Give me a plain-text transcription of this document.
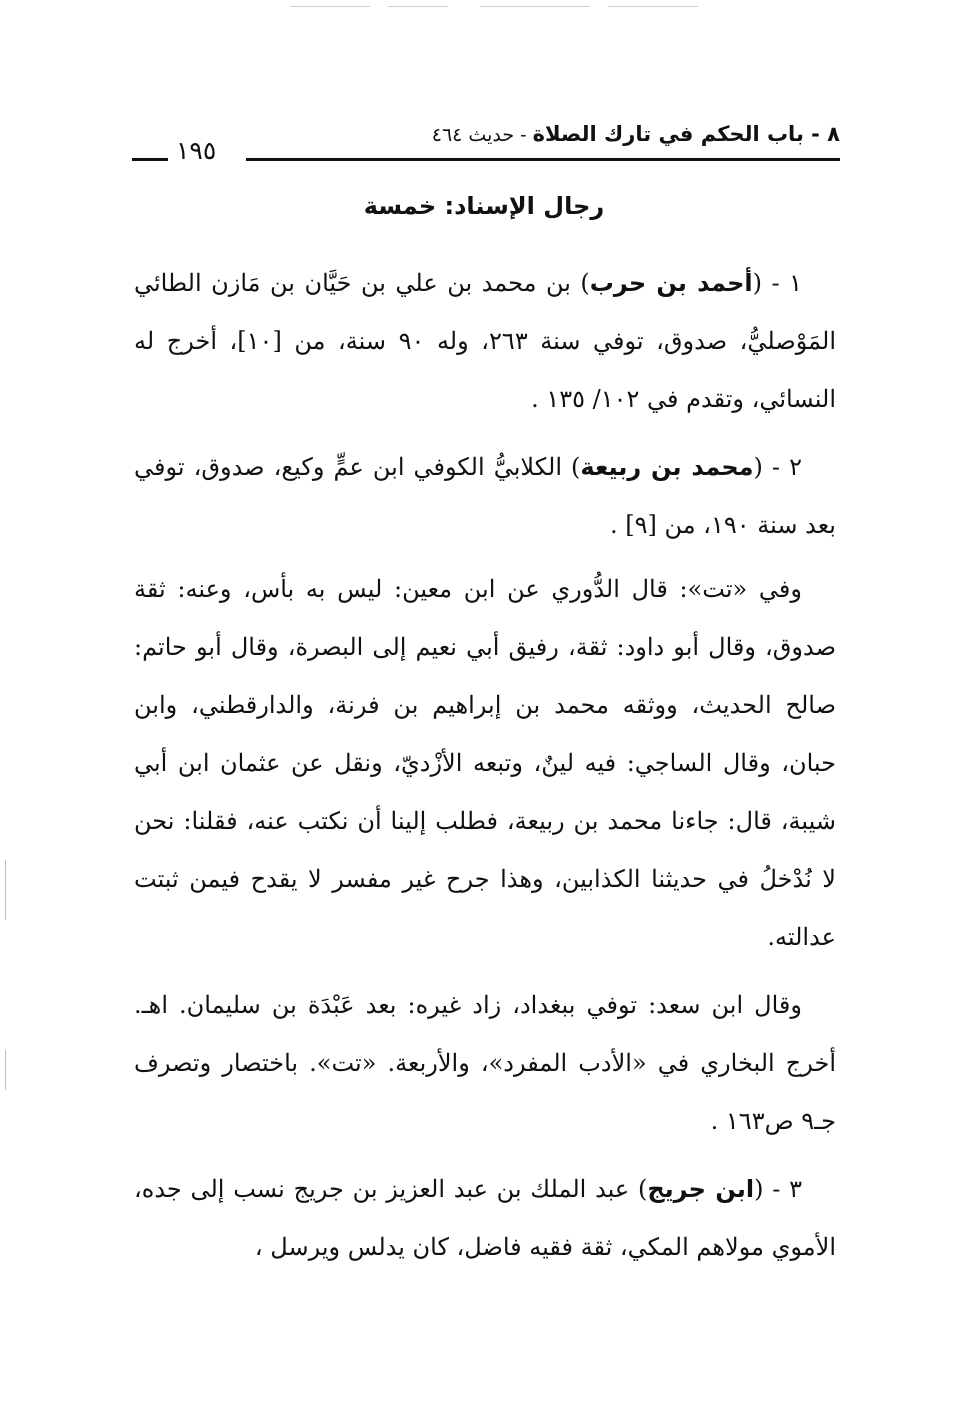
٨ - باب الحكم في تارك الصلاة - حديث ٤٦٤
١٩٥
رجال الإسناد: خمسة

١ - (أحمد بن حرب) بن محمد بن علي بن حَيَّان بن مَازن الطائي المَوْصليُّ، صدوق، توفي سنة ٢٦٣، وله ٩٠ سنة، من [١٠]، أخرج له النسائي، وتقدم في ١٠٢/ ١٣٥ .

٢ - (محمد بن ربيعة) الكلابيُّ الكوفي ابن عمٍّ وكيع، صدوق، توفي بعد سنة ١٩٠، من [٩] .

وفي «تت»: قال الدُّوري عن ابن معين: ليس به بأس، وعنه: ثقة صدوق، وقال أبو داود: ثقة، رفيق أبي نعيم إلى البصرة، وقال أبو حاتم: صالح الحديث، ووثقه محمد بن إبراهيم بن فرنة، والدارقطني، وابن حبان، وقال الساجي: فيه لينٌ، وتبعه الأزْديّ، ونقل عن عثمان ابن أبي شيبة، قال: جاءنا محمد بن ربيعة، فطلب إلينا أن نكتب عنه، فقلنا: نحن لا نُدْخلُ في حديثنا الكذابين، وهذا جرح غير مفسر لا يقدح فيمن ثبتت عدالته.

وقال ابن سعد: توفي ببغداد، زاد غيره: بعد عَبْدَة بن سليمان. اهـ. أخرج البخاري في «الأدب المفرد»، والأربعة. «تت». باختصار وتصرف جـ٩ ص١٦٣ .

٣ - (ابن جريج) عبد الملك بن عبد العزيز بن جريج نسب إلى جده، الأموي مولاهم المكي، ثقة فقيه فاضل، كان يدلس ويرسل ،
